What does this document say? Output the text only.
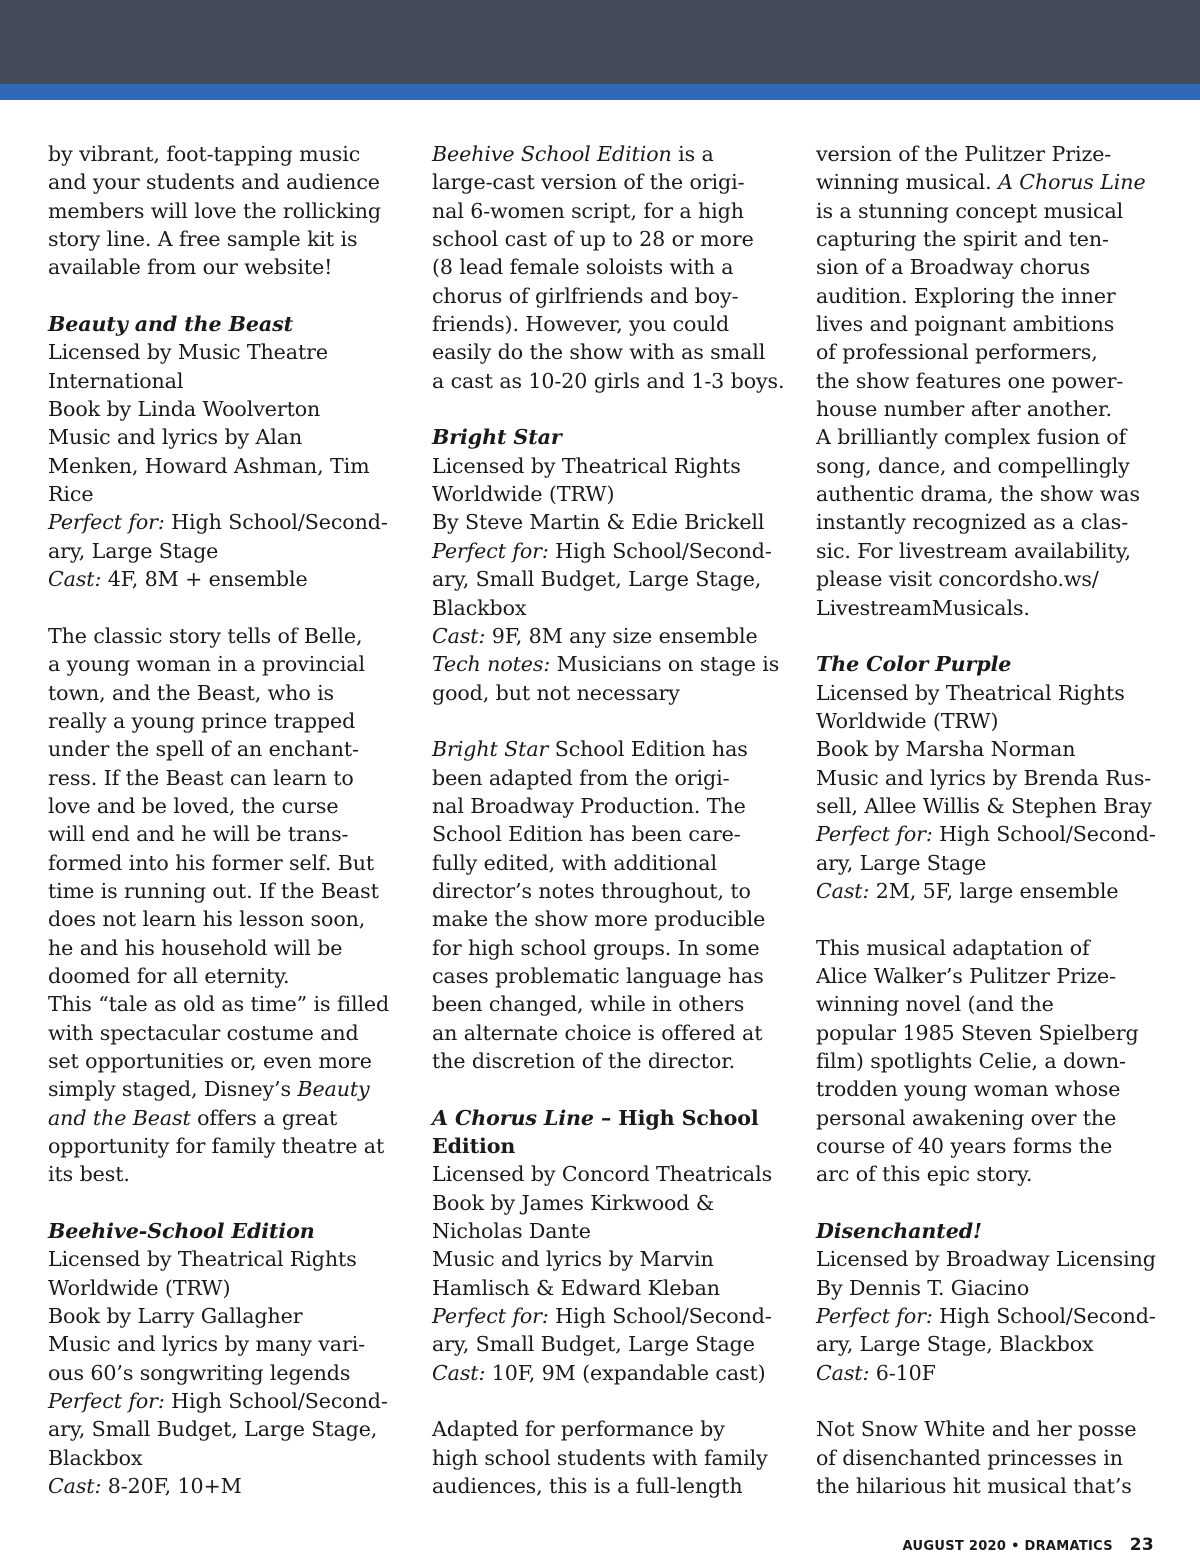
by vibrant, foot-tapping music
and your students and audience
members will love the rollicking
story line. A free sample kit is
available from our website!
Beauty and the Beast
Licensed by Music Theatre
International
Book by Linda Woolverton
Music and lyrics by Alan
Menken, Howard Ashman, Tim
Rice
Perfect for: High School/Second-
ary, Large Stage
Cast: 4F, 8M + ensemble
The classic story tells of Belle,
a young woman in a provincial
town, and the Beast, who is
really a young prince trapped
under the spell of an enchant-
ress. If the Beast can learn to
love and be loved, the curse
will end and he will be trans-
formed into his former self. But
time is running out. If the Beast
does not learn his lesson soon,
he and his household will be
doomed for all eternity.
This “tale as old as time” is filled
with spectacular costume and
set opportunities or, even more
simply staged, Disney’s Beauty
and the Beast offers a great
opportunity for family theatre at
its best.
Beehive-School Edition
Licensed by Theatrical Rights
Worldwide (TRW)
Book by Larry Gallagher
Music and lyrics by many vari-
ous 60’s songwriting legends
Perfect for: High School/Second-
ary, Small Budget, Large Stage,
Blackbox
Cast: 8-20F, 10+M
Beehive School Edition is a
large-cast version of the origi-
nal 6-women script, for a high
school cast of up to 28 or more
(8 lead female soloists with a
chorus of girlfriends and boy-
friends). However, you could
easily do the show with as small
a cast as 10-20 girls and 1-3 boys.
Bright Star
Licensed by Theatrical Rights
Worldwide (TRW)
By Steve Martin & Edie Brickell
Perfect for: High School/Second-
ary, Small Budget, Large Stage,
Blackbox
Cast: 9F, 8M any size ensemble
Tech notes: Musicians on stage is
good, but not necessary
Bright Star School Edition has
been adapted from the origi-
nal Broadway Production. The
School Edition has been care-
fully edited, with additional
director’s notes throughout, to
make the show more producible
for high school groups. In some
cases problematic language has
been changed, while in others
an alternate choice is offered at
the discretion of the director.
A Chorus Line – High School
Edition
Licensed by Concord Theatricals
Book by James Kirkwood &
Nicholas Dante
Music and lyrics by Marvin
Hamlisch & Edward Kleban
Perfect for: High School/Second-
ary, Small Budget, Large Stage
Cast: 10F, 9M (expandable cast)
Adapted for performance by
high school students with family
audiences, this is a full-length
version of the Pulitzer Prize-
winning musical. A Chorus Line
is a stunning concept musical
capturing the spirit and ten-
sion of a Broadway chorus
audition. Exploring the inner
lives and poignant ambitions
of professional performers,
the show features one power-
house number after another.
A brilliantly complex fusion of
song, dance, and compellingly
authentic drama, the show was
instantly recognized as a clas-
sic. For livestream availability,
please visit concordsho.ws/
LivestreamMusicals.
The Color Purple
Licensed by Theatrical Rights
Worldwide (TRW)
Book by Marsha Norman
Music and lyrics by Brenda Rus-
sell, Allee Willis & Stephen Bray
Perfect for: High School/Second-
ary, Large Stage
Cast: 2M, 5F, large ensemble
This musical adaptation of
Alice Walker’s Pulitzer Prize-
winning novel (and the
popular 1985 Steven Spielberg
film) spotlights Celie, a down-
trodden young woman whose
personal awakening over the
course of 40 years forms the
arc of this epic story.
Disenchanted!
Licensed by Broadway Licensing
By Dennis T. Giacino
Perfect for: High School/Second-
ary, Large Stage, Blackbox
Cast: 6-10F
Not Snow White and her posse
of disenchanted princesses in
the hilarious hit musical that’s
AUGUST 2020 • DRAMATICS 23
